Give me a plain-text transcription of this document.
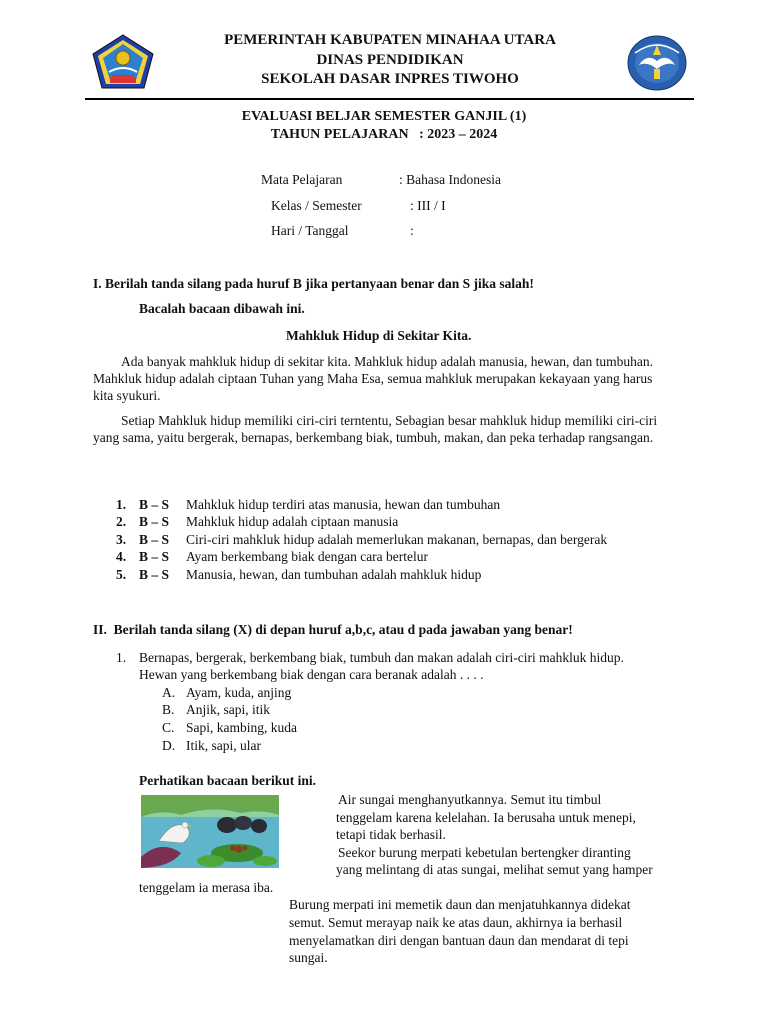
PEMERINTAH KABUPATEN MINAHAA UTARA
DINAS PENDIDIKAN
SEKOLAH DASAR INPRES TIWOHO
EVALUASI BELJAR SEMESTER GANJIL (1)
TAHUN PELAJARAN   : 2023 – 2024
Mata Pelajaran	: Bahasa Indonesia
Kelas / Semester	: III / I
Hari / Tanggal	:
I. Berilah tanda silang pada huruf B jika pertanyaan benar dan S jika salah!
Bacalah bacaan dibawah ini.
Mahkluk Hidup di Sekitar Kita.
Ada banyak mahkluk hidup di sekitar kita. Mahkluk hidup adalah manusia, hewan, dan tumbuhan. Mahkluk hidup adalah ciptaan Tuhan yang Maha Esa, semua mahkluk merupakan kekayaan yang harus kita syukuri.
Setiap Mahkluk hidup memiliki ciri-ciri terntentu, Sebagian besar mahkluk hidup memiliki ciri-ciri yang sama, yaitu bergerak, bernapas, berkembang biak, tumbuh, makan, dan peka terhadap rangsangan.
1. B – S Mahkluk hidup terdiri atas manusia, hewan dan tumbuhan
2. B – S Mahkluk hidup adalah ciptaan manusia
3. B – S Ciri-ciri mahkluk hidup adalah memerlukan makanan, bernapas, dan bergerak
4. B – S Ayam berkembang biak dengan cara bertelur
5. B – S Manusia, hewan, dan tumbuhan adalah mahkluk hidup
II.  Berilah tanda silang (X) di depan huruf a,b,c, atau d pada jawaban yang benar!
1. Bernapas, bergerak, berkembang biak, tumbuh dan makan adalah ciri-ciri mahkluk hidup.
Hewan yang berkembang biak dengan cara beranak adalah . . . .
A. Ayam, kuda, anjing
B. Anjik, sapi, itik
C. Sapi, kambing, kuda
D. Itik, sapi, ular
Perhatikan bacaan berikut ini.
Air sungai menghanyutkannya. Semut itu timbul
tenggelam karena kelelahan. Ia berusaha untuk menepi,
tetapi tidak berhasil.
Seekor burung merpati kebetulan bertengker diranting
yang melintang di atas sungai, melihat semut yang hamper
tenggelam ia merasa iba.
Burung merpati ini memetik daun dan menjatuhkannya didekat
semut. Semut merayap naik ke atas daun, akhirnya ia berhasil
menyelamatkan diri dengan bantuan daun dan mendarat di tepi
sungai.
